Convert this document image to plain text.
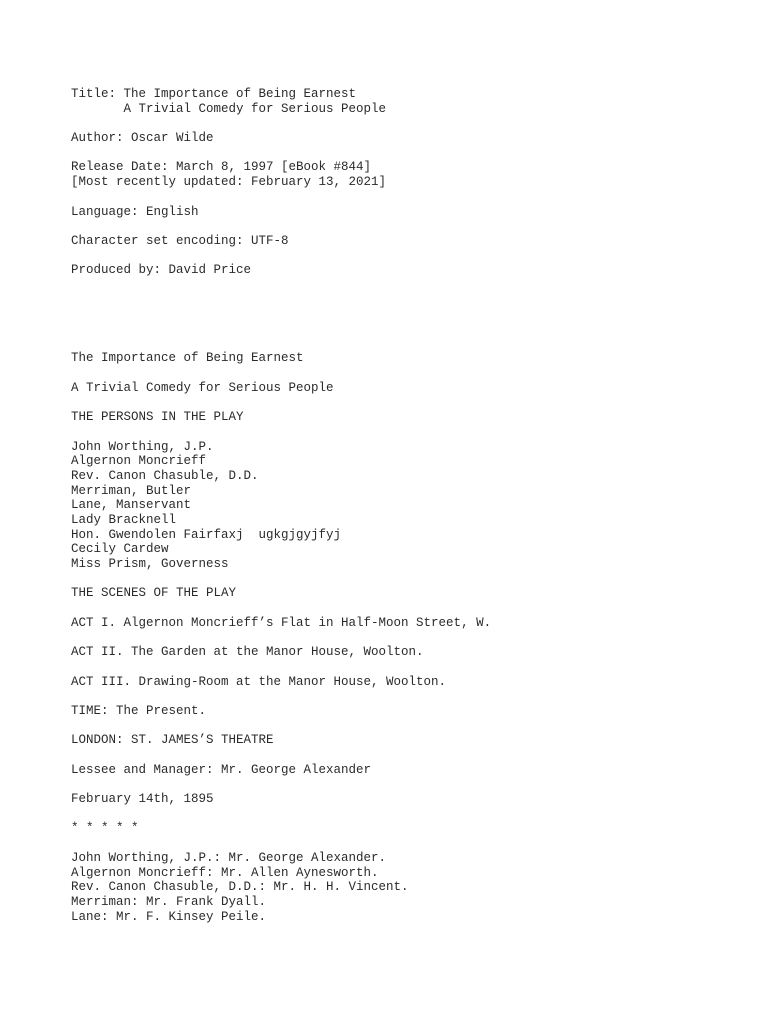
Title: The Importance of Being Earnest
A Trivial Comedy for Serious People
Author: Oscar Wilde
Release Date: March 8, 1997 [eBook #844]
[Most recently updated: February 13, 2021]
Language: English
Character set encoding: UTF-8
Produced by: David Price
The Importance of Being Earnest
A Trivial Comedy for Serious People
THE PERSONS IN THE PLAY
John Worthing, J.P.
Algernon Moncrieff
Rev. Canon Chasuble, D.D.
Merriman, Butler
Lane, Manservant
Lady Bracknell
Hon. Gwendolen Fairfaxj  ugkgjgyjfyj
Cecily Cardew
Miss Prism, Governess
THE SCENES OF THE PLAY
ACT I. Algernon Moncrieff’s Flat in Half-Moon Street, W.
ACT II. The Garden at the Manor House, Woolton.
ACT III. Drawing-Room at the Manor House, Woolton.
TIME: The Present.
LONDON: ST. JAMES’S THEATRE
Lessee and Manager: Mr. George Alexander
February 14th, 1895
* * * * *
John Worthing, J.P.: Mr. George Alexander.
Algernon Moncrieff: Mr. Allen Aynesworth.
Rev. Canon Chasuble, D.D.: Mr. H. H. Vincent.
Merriman: Mr. Frank Dyall.
Lane: Mr. F. Kinsey Peile.
